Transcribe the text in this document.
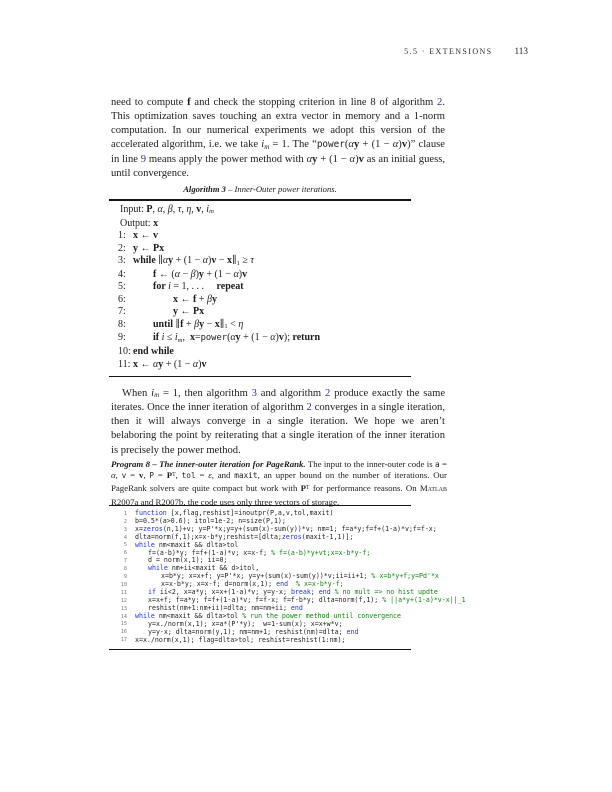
5.5 · EXTENSIONS 113

need to compute f and check the stopping criterion in line 8 of algorithm 2. This optimization saves touching an extra vector in memory and a 1-norm computation. In our numerical experiments we adopt this version of the accelerated algorithm, i.e. we take im = 1. The “power(αy + (1 − α)v)” clause in line 9 means apply the power method with αy + (1 − α)v as an initial guess, until convergence.

Algorithm 3 – Inner-Outer power iterations.
Input: P, α, β, τ, η, v, im
Output: x
1: x ← v
2: y ← Px
3: while ∥αy + (1 − α)v − x∥1 ≥ τ
4:	f ← (α − β)y + (1 − α)v
5:	for i = 1, . . .     repeat
6:	x ← f + βy
7:	y ← Px
8:	until ∥f + βy − x∥1 < η
9:	if i ≤ im,  x=power(αy + (1 − α)v); return
10: end while
11: x ← αy + (1 − α)v

When im = 1, then algorithm 3 and algorithm 2 produce exactly the same iterates. Once the inner iteration of algorithm 2 converges in a single iteration, then it will always converge in a single iteration. We hope we aren’t belaboring the point by reiterating that a single iteration of the inner iteration is precisely the power method.

Program 8 – The inner-outer iteration for PageRank. The input to the inner-outer code is a = α, v = v, $P = P^T$, tol = ε, and maxit, an upper bound on the number of iterations. Our PageRank solvers are quite compact but work with $P^T$ for performance reasons. On Matlab R2007a and R2007b, the code uses only three vectors of storage.
1 function [x,flag,reshist]=inoutpr(P,a,v,tol,maxit)
2 b=0.5*(a>0.6); itol=1e-2; n=size(P,1);
3 x=zeros(n,1)+v; y=P'*x;y=y+(sum(x)-sum(y))*v; nm=1; f=a*y;f=f+(1-a)*v;f=f-x;
4 dlta=norm(f,1);x=x-b*y;reshist=[dlta;zeros(maxit-1,1)];
5 while nm<maxit && dlta>tol
6	f=(a-b)*y; f=f+(1-a)*v; x=x-f; % f=(a-b)*y+vt;x=x-b*y-f;
7	d = norm(x,1); ii=0;
8	while nm+ii<maxit && d>itol,
9	x=b*y; x=x+f; y=P'*x; y=y+(sum(x)-sum(y))*v;ii=ii+1; % x=b*y+f;y=Pd'*x
10	x=x-b*y; x=x-f; d=norm(x,1); end % x=x-b*y-f;
11	if ii<2, x=a*y; x=x+(1-a)*v; y=y-x; break; end % no mult => no hist updte
12	x=x+f; f=a*y; f=f+(1-a)*v; f=f-x; f=f-b*y; dlta=norm(f,1); % ||a*y+(1-a)*v-x||_1
13	reshist(nm+1:nm+ii)=dlta; nm=nm+ii; end
14 while nm<maxit && dlta>tol % run the power method until convergence
15	y=x./norm(x,1); x=a*(P'*y);  w=1-sum(x); x=x+w*v;
16	y=y-x; dlta=norm(y,1); nm=nm+1; reshist(nm)=dlta; end
17 x=x./norm(x,1); flag=dlta>tol; reshist=reshist(1:nm);
